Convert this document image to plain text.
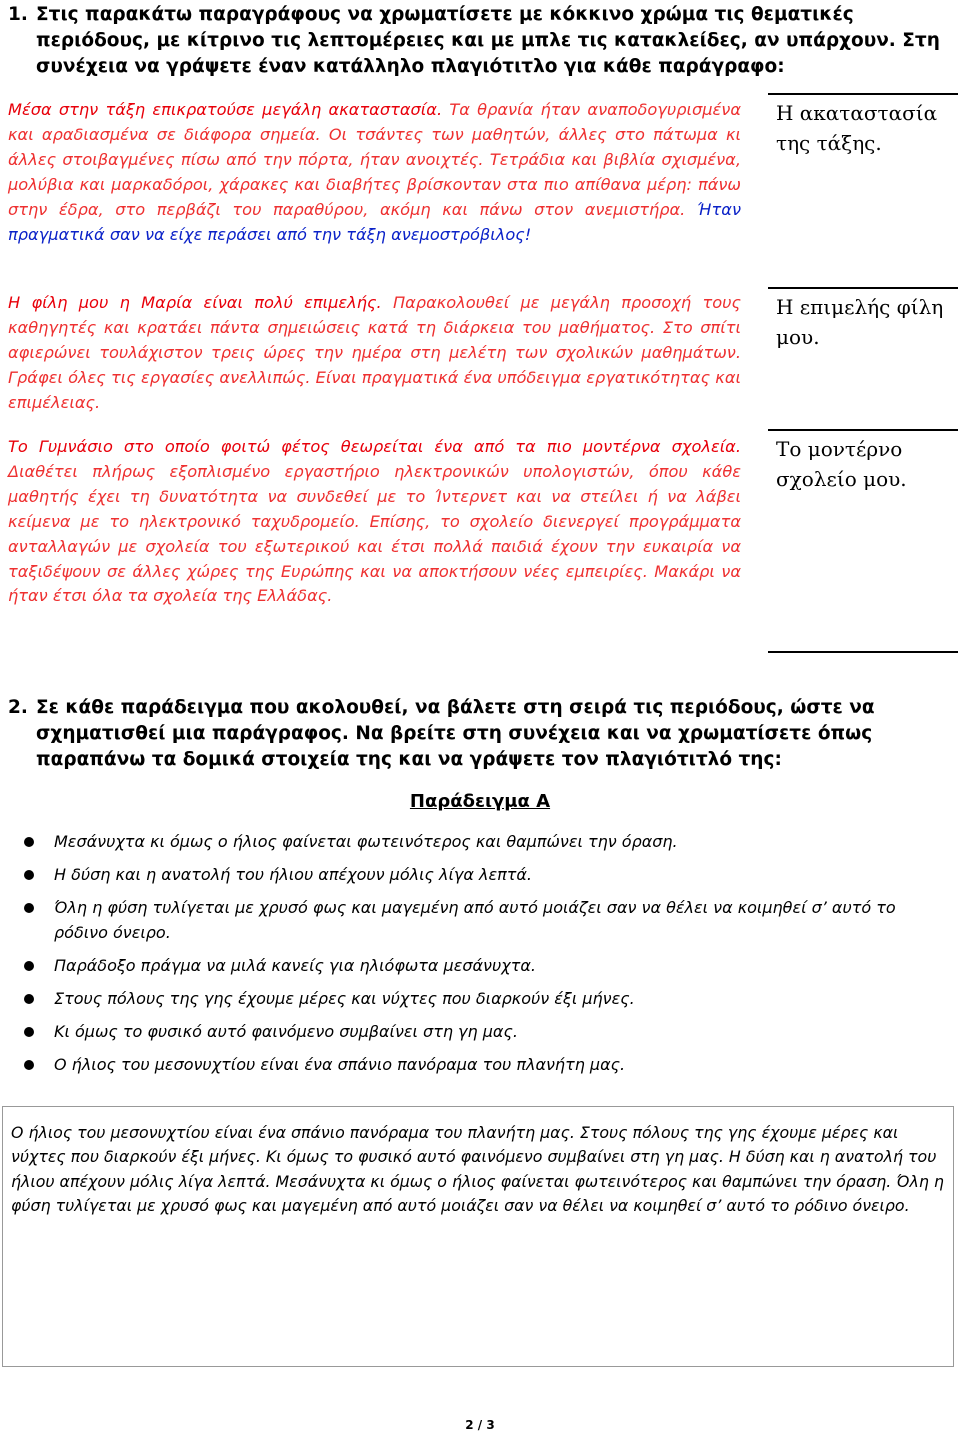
1. Στις παρακάτω παραγράφους να χρωματίσετε με κόκκινο χρώμα τις θεματικές περιόδους, με κίτρινο τις λεπτομέρειες και με μπλε τις κατακλείδες, αν υπάρχουν. Στη συνέχεια να γράψετε έναν κατάλληλο πλαγιότιτλο για κάθε παράγραφο:
Μέσα στην τάξη επικρατούσε μεγάλη ακαταστασία. Τα θρανία ήταν αναποδογυρισμένα και αραδιασμένα σε διάφορα σημεία. Οι τσάντες των μαθητών, άλλες στο πάτωμα κι άλλες στοιβαγμένες πίσω από την πόρτα, ήταν ανοιχτές. Τετράδια και βιβλία σχισμένα, μολύβια και μαρκαδόροι, χάρακες και διαβήτες βρίσκονταν στα πιο απίθανα μέρη: πάνω στην έδρα, στο περβάζι του παραθύρου, ακόμη και πάνω στον ανεμιστήρα. Ήταν πραγματικά σαν να είχε περάσει από την τάξη ανεμοστρόβιλος!
Η ακαταστασία της τάξης.
Η φίλη μου η Μαρία είναι πολύ επιμελής. Παρακολουθεί με μεγάλη προσοχή τους καθηγητές και κρατάει πάντα σημειώσεις κατά τη διάρκεια του μαθήματος. Στο σπίτι αφιερώνει τουλάχιστον τρεις ώρες την ημέρα στη μελέτη των σχολικών μαθημάτων. Γράφει όλες τις εργασίες ανελλιπώς. Είναι πραγματικά ένα υπόδειγμα εργατικότητας και επιμέλειας.
Η επιμελής φίλη μου.
Το Γυμνάσιο στο οποίο φοιτώ φέτος θεωρείται ένα από τα πιο μοντέρνα σχολεία. Διαθέτει πλήρως εξοπλισμένο εργαστήριο ηλεκτρονικών υπολογιστών, όπου κάθε μαθητής έχει τη δυνατότητα να συνδεθεί με το Ίντερνετ και να στείλει ή να λάβει κείμενα με το ηλεκτρονικό ταχυδρομείο. Επίσης, το σχολείο διενεργεί προγράμματα ανταλλαγών με σχολεία του εξωτερικού και έτσι πολλά παιδιά έχουν την ευκαιρία να ταξιδέψουν σε άλλες χώρες της Ευρώπης και να αποκτήσουν νέες εμπειρίες. Μακάρι να ήταν έτσι όλα τα σχολεία της Ελλάδας.
Το μοντέρνο σχολείο μου.
2. Σε κάθε παράδειγμα που ακολουθεί, να βάλετε στη σειρά τις περιόδους, ώστε να σχηματισθεί μια παράγραφος. Να βρείτε στη συνέχεια και να χρωματίσετε όπως παραπάνω τα δομικά στοιχεία της και να γράψετε τον πλαγιότιτλό της:
Παράδειγμα Α
Μεσάνυχτα κι όμως ο ήλιος φαίνεται φωτεινότερος και θαμπώνει την όραση.
Η δύση και η ανατολή του ήλιου απέχουν μόλις λίγα λεπτά.
Όλη η φύση τυλίγεται με χρυσό φως και μαγεμένη από αυτό μοιάζει σαν να θέλει να κοιμηθεί σ’ αυτό το ρόδινο όνειρο.
Παράδοξο πράγμα να μιλά κανείς για ηλιόφωτα μεσάνυχτα.
Στους πόλους της γης έχουμε μέρες και νύχτες που διαρκούν έξι μήνες.
Κι όμως το φυσικό αυτό φαινόμενο συμβαίνει στη γη μας.
Ο ήλιος του μεσονυχτίου είναι ένα σπάνιο πανόραμα του πλανήτη μας.
Ο ήλιος του μεσονυχτίου είναι ένα σπάνιο πανόραμα του πλανήτη μας. Στους πόλους της γης έχουμε μέρες και νύχτες που διαρκούν έξι μήνες. Κι όμως το φυσικό αυτό φαινόμενο συμβαίνει στη γη μας. Η δύση και η ανατολή του ήλιου απέχουν μόλις λίγα λεπτά. Μεσάνυχτα κι όμως ο ήλιος φαίνεται φωτεινότερος και θαμπώνει την όραση. Όλη η φύση τυλίγεται με χρυσό φως και μαγεμένη από αυτό μοιάζει σαν να θέλει να κοιμηθεί σ’ αυτό το ρόδινο όνειρο.
2 / 3
